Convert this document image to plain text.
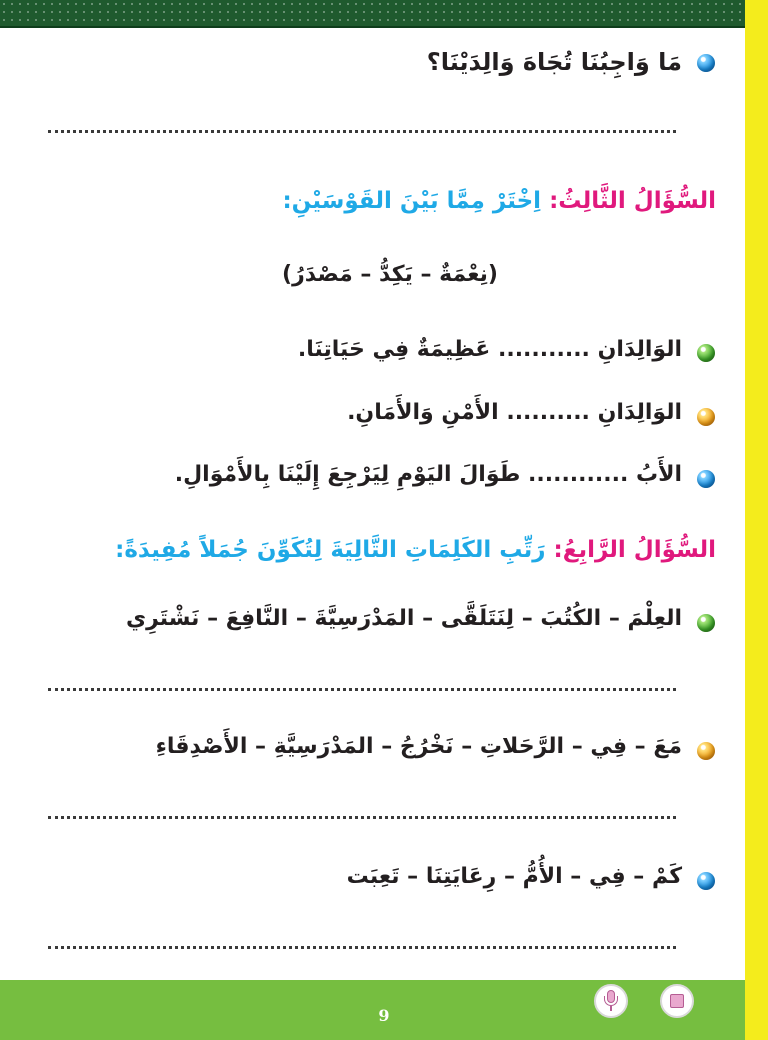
مَا وَاجِبُنَا تُجَاهَ وَالِدَيْنَا؟
السُّؤَالُ الثَّالِثُ: اِخْتَرْ مِمَّا بَيْنَ القَوْسَيْنِ:
(نِعْمَةٌ – يَكِدُّ – مَصْدَرُ)
الوَالِدَانِ ........... عَظِيمَةٌ فِي حَيَاتِنَا.
الوَالِدَانِ .......... الأَمْنِ وَالأَمَانِ.
الأَبُ ............ طَوَالَ اليَوْمِ لِيَرْجِعَ إِلَيْنَا بِالأَمْوَالِ.
السُّؤَالُ الرَّابِعُ: رَتِّبِ الكَلِمَاتِ التَّالِيَةَ لِتُكَوِّنَ جُمَلاً مُفِيدَةً:
العِلْمَ – الكُتُبَ – لِنَتَلَقَّى – المَدْرَسِيَّةَ – النَّافِعَ – نَشْتَرِي
مَعَ – فِي – الرَّحَلاتِ – نَخْرُجُ – المَدْرَسِيَّةِ – الأَصْدِقَاءِ
كَمْ – فِي – الأُمُّ – رِعَايَتِنَا – تَعِبَت
9
